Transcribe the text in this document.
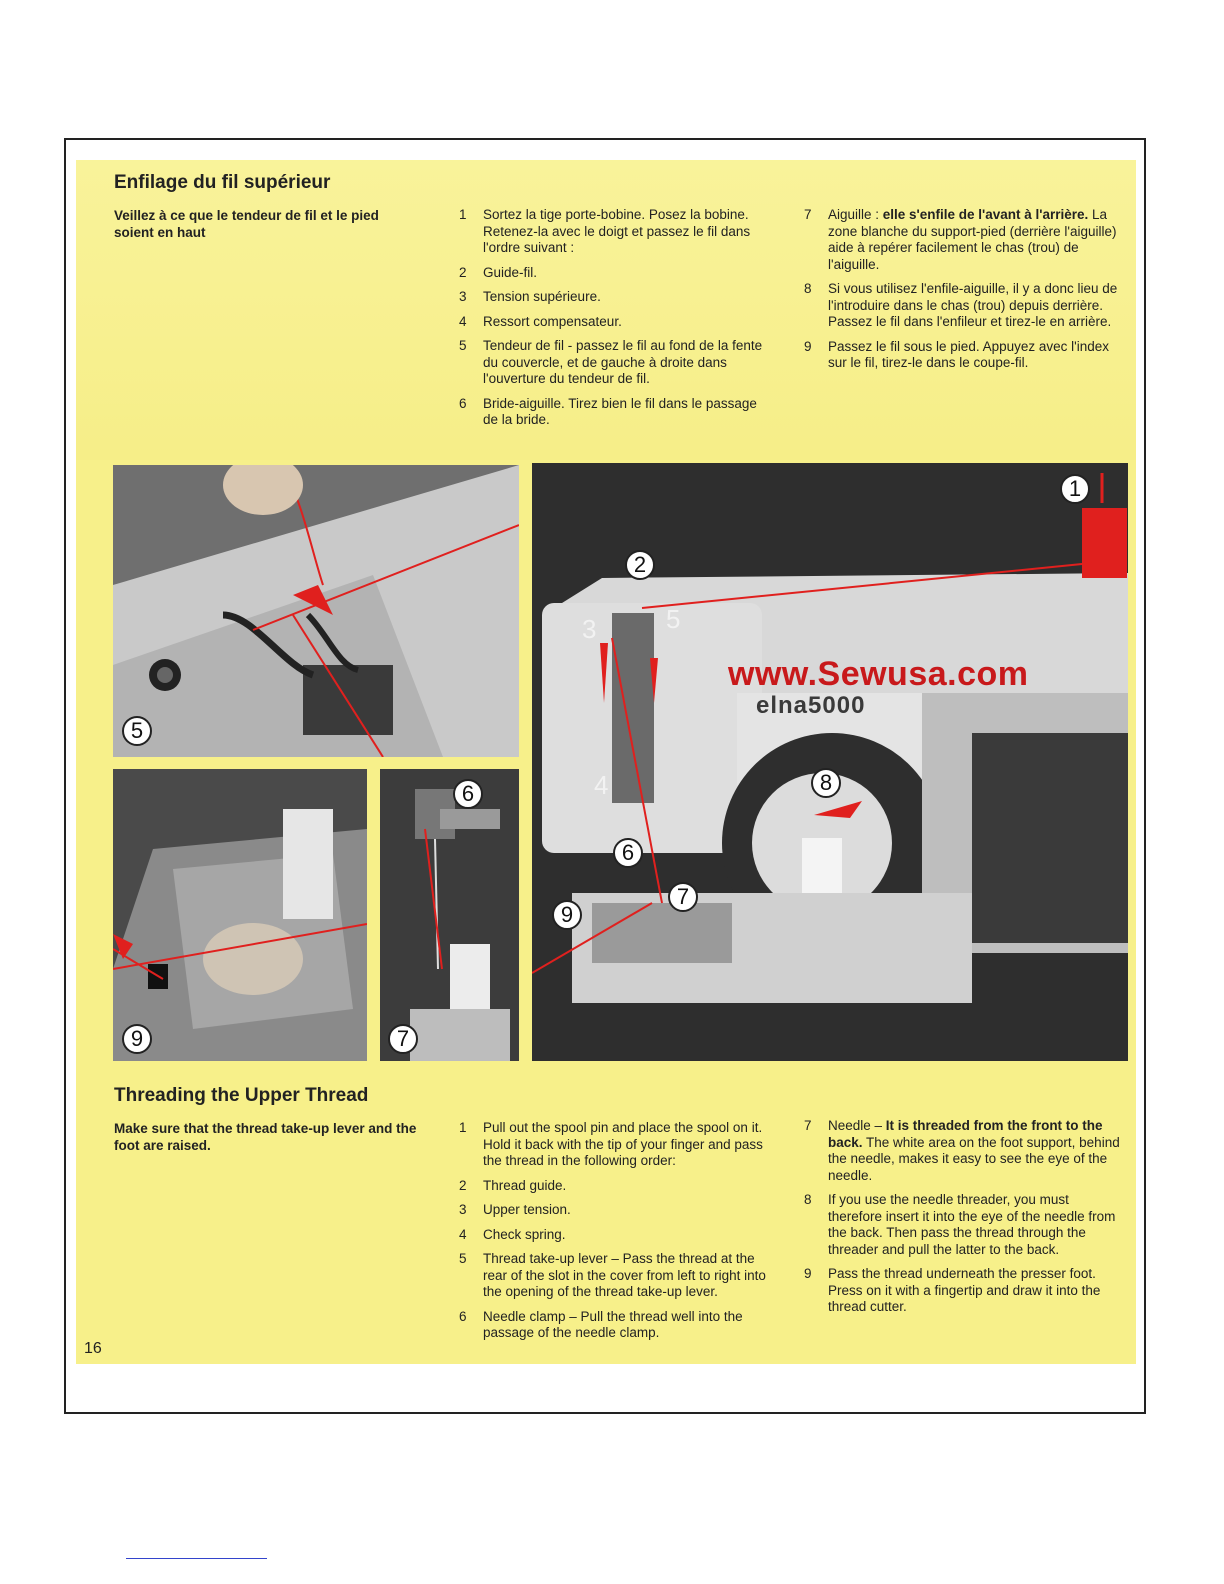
Enfilage du fil supérieur
Veillez à ce que le tendeur de fil et le pied soient en haut
1 Sortez la tige porte-bobine. Posez la bobine. Retenez-la avec le doigt et passez le fil dans l'ordre suivant :
2 Guide-fil.
3 Tension supérieure.
4 Ressort compensateur.
5 Tendeur de fil - passez le fil au fond de la fente du couvercle, et de gauche à droite dans l'ouverture du tendeur de fil.
6 Bride-aiguille. Tirez bien le fil dans le passage de la bride.
7 Aiguille : elle s'enfile de l'avant à l'arrière. La zone blanche du support-pied (derrière l'aiguille) aide à repérer facilement le chas (trou) de l'aiguille.
8 Si vous utilisez l'enfile-aiguille, il y a donc lieu de l'introduire dans le chas (trou) depuis derrière. Passez le fil dans l'enfileur et tirez-le en arrière.
9 Passez le fil sous le pied. Appuyez avec l'index sur le fil, tirez-le dans le coupe-fil.
5
9
6
7
1
2
3
4
5
6
7
8
9
www.Sewusa.com
elna5000
Threading the Upper Thread
Make sure that the thread take-up lever and the foot are raised.
1 Pull out the spool pin and place the spool on it. Hold it back with the tip of your finger and pass the thread in the following order:
2 Thread guide.
3 Upper tension.
4 Check spring.
5 Thread take-up lever – Pass the thread at the rear of the slot in the cover from left to right into the opening of the thread take-up lever.
6 Needle clamp – Pull the thread well into the passage of the needle clamp.
7 Needle – It is threaded from the front to the back. The white area on the foot support, behind the needle, makes it easy to see the eye of the needle.
8 If you use the needle threader, you must therefore insert it into the eye of the needle from the back. Then pass the thread through the threader and pull the latter to the back.
9 Pass the thread underneath the presser foot. Press on it with a fingertip and draw it into the thread cutter.
16
